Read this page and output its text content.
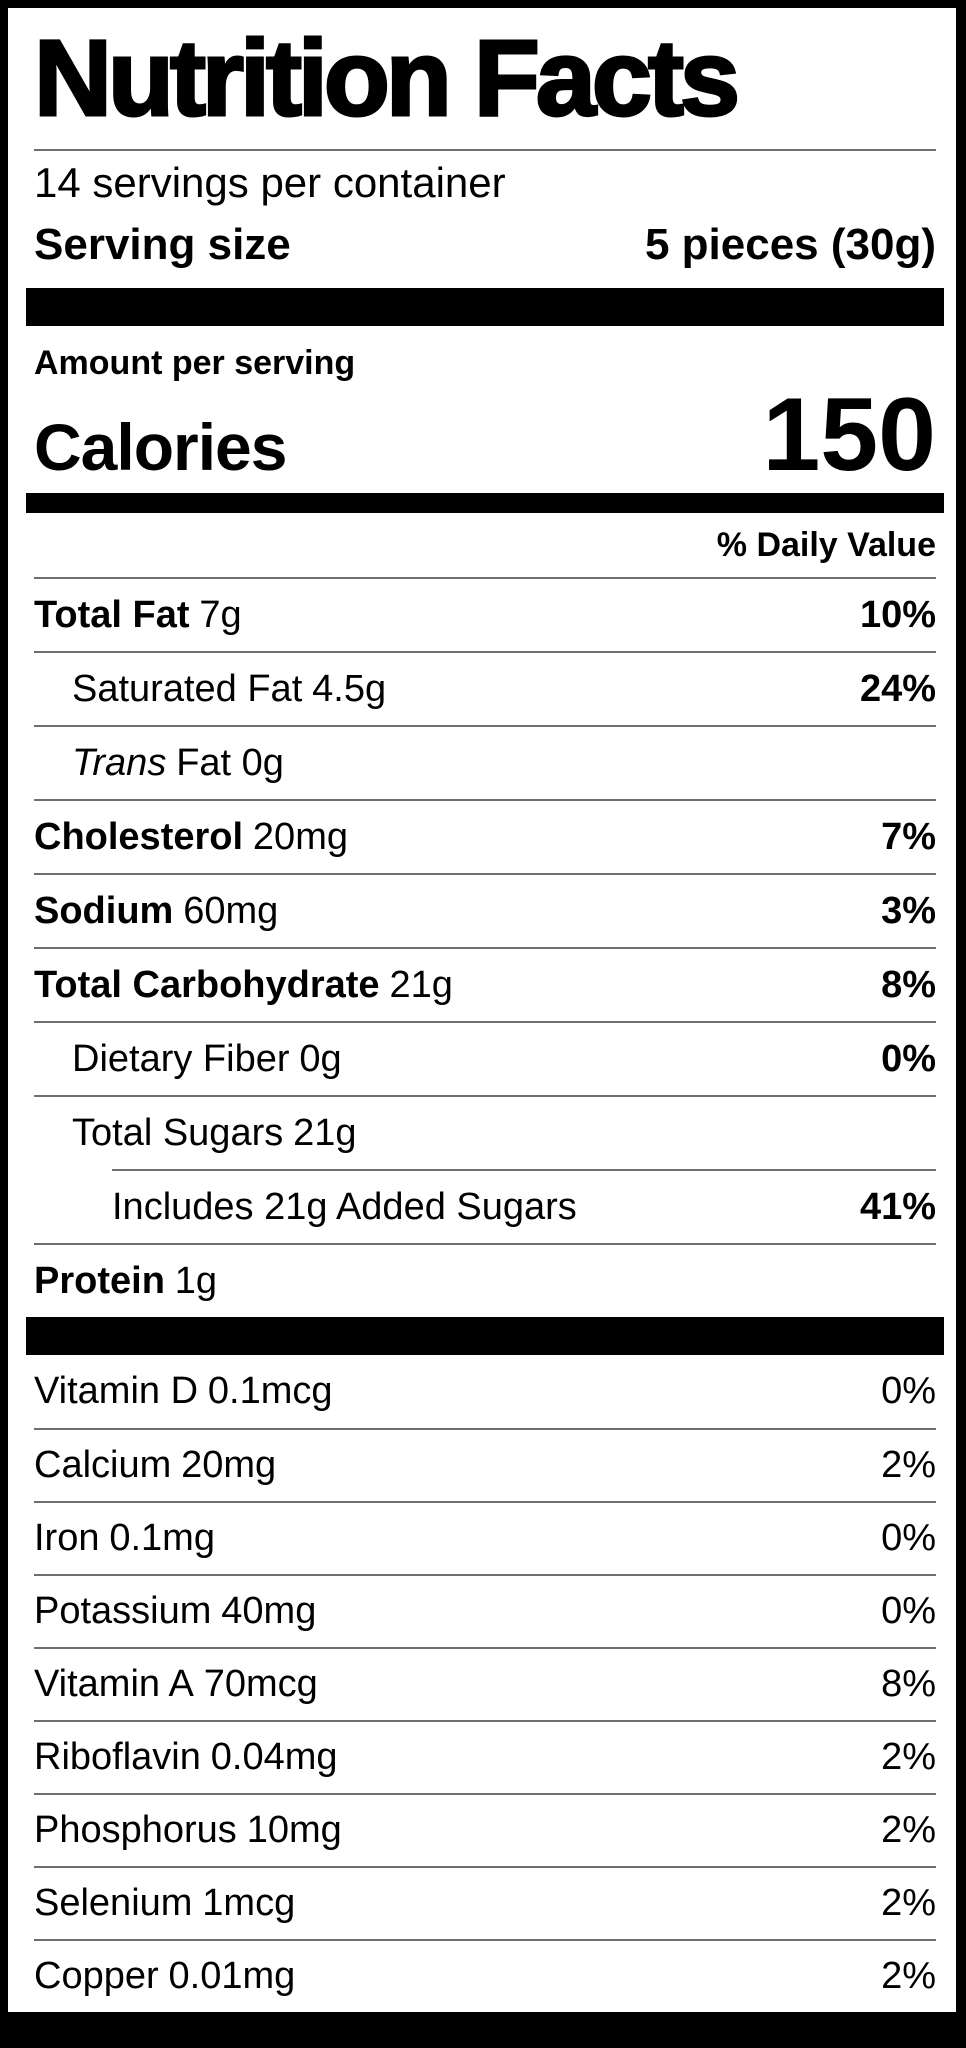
Nutrition Facts
14 servings per container
Serving size	5 pieces (30g)
Amount per serving
Calories	150
% Daily Value
Total Fat 7g	10%
Saturated Fat 4.5g	24%
Trans Fat 0g
Cholesterol 20mg	7%
Sodium 60mg	3%
Total Carbohydrate 21g	8%
Dietary Fiber 0g	0%
Total Sugars 21g
Includes 21g Added Sugars	41%
Protein 1g
Vitamin D 0.1mcg	0%
Calcium 20mg	2%
Iron 0.1mg	0%
Potassium 40mg	0%
Vitamin A 70mcg	8%
Riboflavin 0.04mg	2%
Phosphorus 10mg	2%
Selenium 1mcg	2%
Copper 0.01mg	2%
